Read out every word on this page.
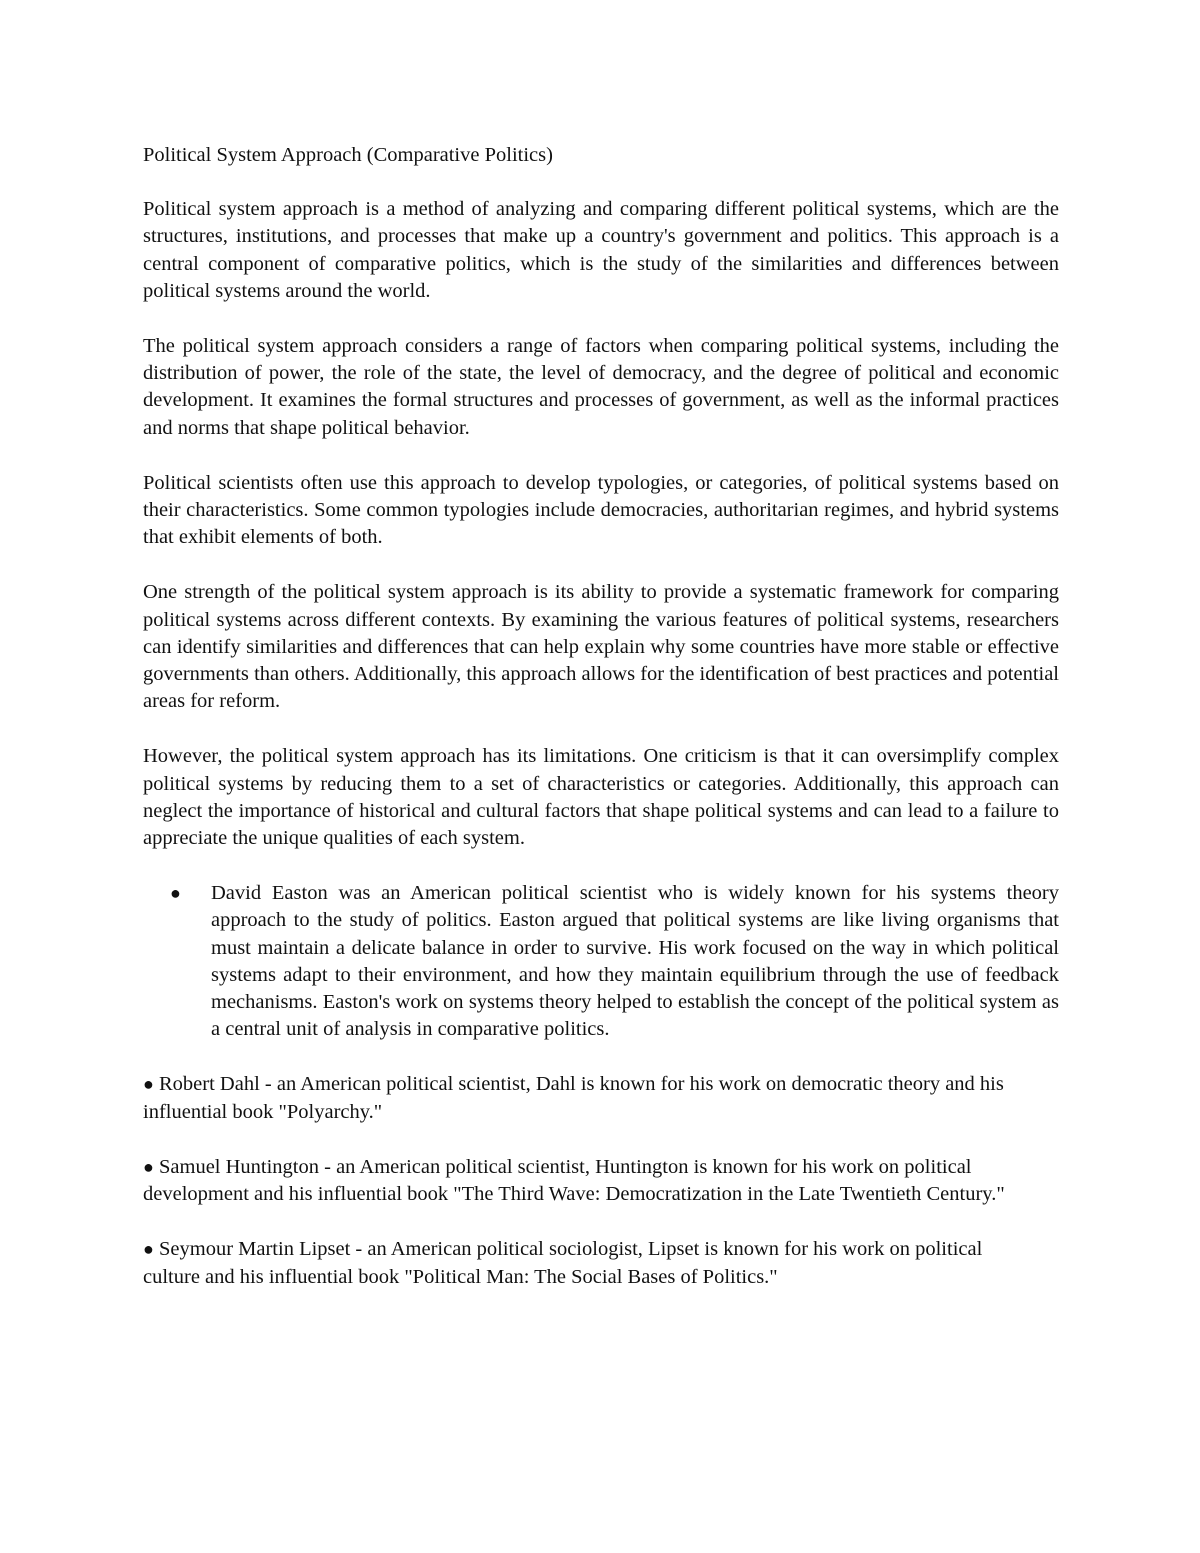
Political System Approach (Comparative Politics)

Political system approach is a method of analyzing and comparing different political systems, which are the structures, institutions, and processes that make up a country's government and politics. This approach is a central component of comparative politics, which is the study of the similarities and differences between political systems around the world.

The political system approach considers a range of factors when comparing political systems, including the distribution of power, the role of the state, the level of democracy, and the degree of political and economic development. It examines the formal structures and processes of government, as well as the informal practices and norms that shape political behavior.

Political scientists often use this approach to develop typologies, or categories, of political systems based on their characteristics. Some common typologies include democracies, authoritarian regimes, and hybrid systems that exhibit elements of both.

One strength of the political system approach is its ability to provide a systematic framework for comparing political systems across different contexts. By examining the various features of political systems, researchers can identify similarities and differences that can help explain why some countries have more stable or effective governments than others. Additionally, this approach allows for the identification of best practices and potential areas for reform.

However, the political system approach has its limitations. One criticism is that it can oversimplify complex political systems by reducing them to a set of characteristics or categories. Additionally, this approach can neglect the importance of historical and cultural factors that shape political systems and can lead to a failure to appreciate the unique qualities of each system.

● David Easton was an American political scientist who is widely known for his systems theory approach to the study of politics. Easton argued that political systems are like living organisms that must maintain a delicate balance in order to survive. His work focused on the way in which political systems adapt to their environment, and how they maintain equilibrium through the use of feedback mechanisms. Easton's work on systems theory helped to establish the concept of the political system as a central unit of analysis in comparative politics.
● Robert Dahl - an American political scientist, Dahl is known for his work on democratic theory and his influential book "Polyarchy."
● Samuel Huntington - an American political scientist, Huntington is known for his work on political development and his influential book "The Third Wave: Democratization in the Late Twentieth Century."
● Seymour Martin Lipset - an American political sociologist, Lipset is known for his work on political culture and his influential book "Political Man: The Social Bases of Politics."
